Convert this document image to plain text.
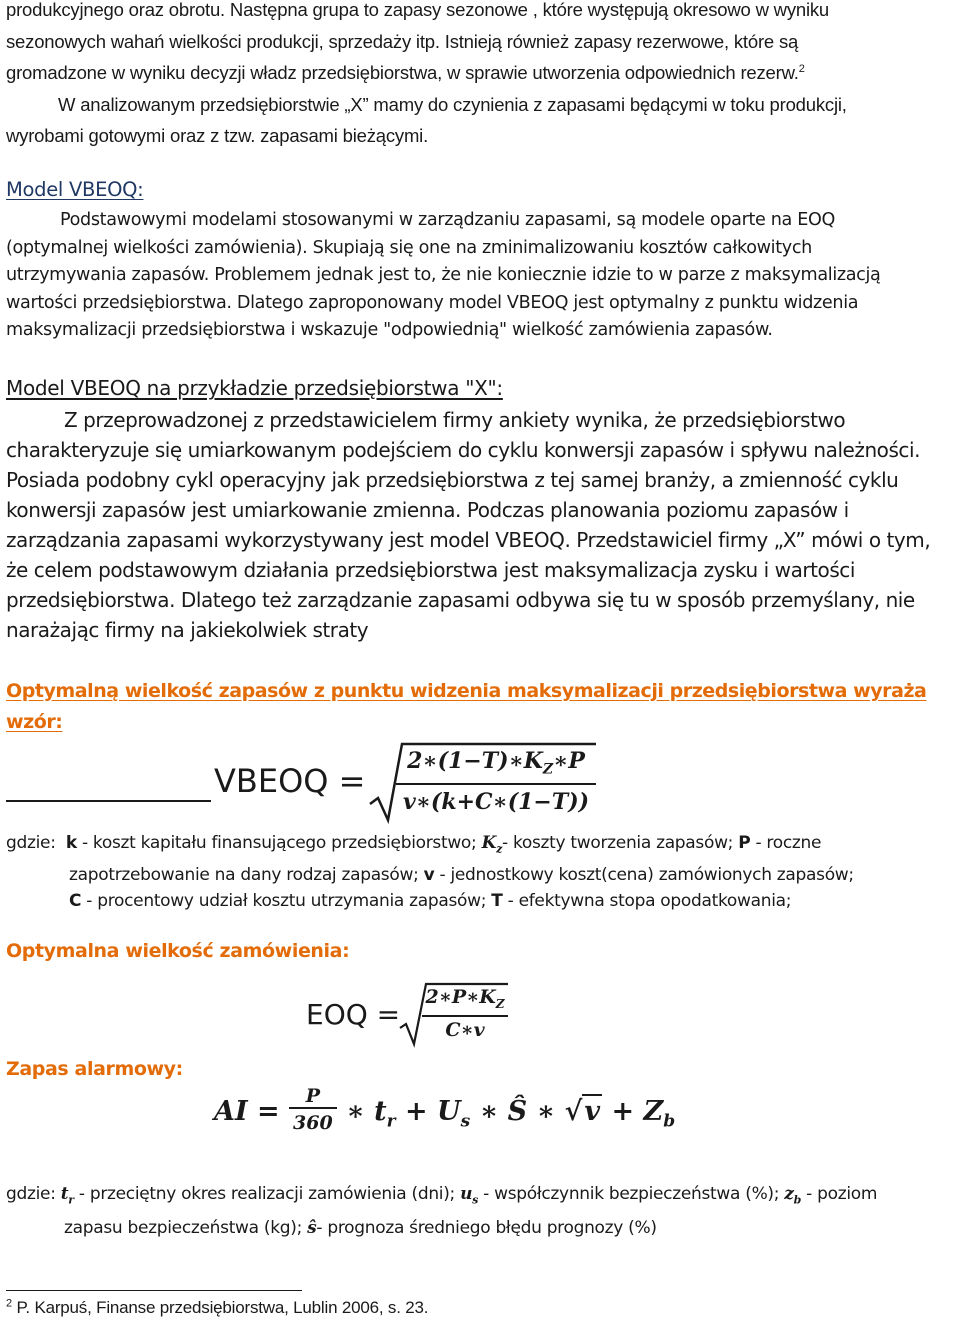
produkcyjnego oraz obrotu. Następna grupa to zapasy sezonowe , które występują okresowo w wyniku

sezonowych wahań wielkości produkcji, sprzedaży itp. Istnieją również zapasy rezerwowe, które są

gromadzone w wyniku decyzji władz przedsiębiorstwa, w sprawie utworzenia odpowiednich rezerw.$^2$

W analizowanym przedsiębiorstwie „X” mamy do czynienia z zapasami będącymi w toku produkcji,

wyrobami gotowymi oraz z tzw. zapasami bieżącymi.

Model VBEOQ:

Podstawowymi modelami stosowanymi w zarządzaniu zapasami, są modele oparte na EOQ

(optymalnej wielkości zamówienia). Skupiają się one na zminimalizowaniu kosztów całkowitych

utrzymywania zapasów. Problemem jednak jest to, że nie koniecznie idzie to w parze z maksymalizacją

wartości przedsiębiorstwa. Dlatego zaproponowany model VBEOQ jest optymalny z punktu widzenia

maksymalizacji przedsiębiorstwa i wskazuje "odpowiednią" wielkość zamówienia zapasów.

Model VBEOQ na przykładzie przedsiębiorstwa "X":

Z przeprowadzonej z przedstawicielem firmy ankiety wynika, że przedsiębiorstwo

charakteryzuje się umiarkowanym podejściem do cyklu konwersji zapasów i spływu należności.

Posiada podobny cykl operacyjny jak przedsiębiorstwa z tej samej branży, a zmienność cyklu

konwersji zapasów jest umiarkowanie zmienna. Podczas planowania poziomu zapasów i

zarządzania zapasami wykorzystywany jest model VBEOQ. Przedstawiciel firmy „X” mówi o tym,

że celem podstawowym działania przedsiębiorstwa jest maksymalizacja zysku i wartości

przedsiębiorstwa. Dlatego też zarządzanie zapasami odbywa się tu w sposób przemyślany, nie

narażając firmy na jakiekolwiek straty

Optymalną wielkość zapasów z punktu widzenia maksymalizacji przedsiębiorstwa wyraża

wzór:

VBEOQ = $\frac{2∗(1-T)∗K_Z∗P}{v∗(k+C∗(1-T))}$

gdzie: k - koszt kapitału finansującego przedsiębiorstwo; $K_z-$ koszty tworzenia zapasów; P - roczne

zapotrzebowanie na dany rodzaj zapasów; v - jednostkowy koszt(cena) zamówionych zapasów;

C - procentowy udział kosztu utrzymania zapasów; T - efektywna stopa opodatkowania;

Optymalna wielkość zamówienia:
EOQ = $\frac{2∗P∗K_Z}{C∗v}$
Zapas alarmowy:
AI = $\frac{P}{360}$ ∗ $t_r + U_s$ ∗ Ŝ ∗ $√v + Z_b$

gdzie: $t_r$ - przeciętny okres realizacji zamówienia (dni); $u_s$ - współczynnik bezpieczeństwa (%); $z_b$ - poziom

zapasu bezpieczeństwa (kg); ŝ- prognoza średniego błędu prognozy (%)

$^2$ P. Karpuś, Finanse przedsiębiorstwa, Lublin 2006, s. 23.
